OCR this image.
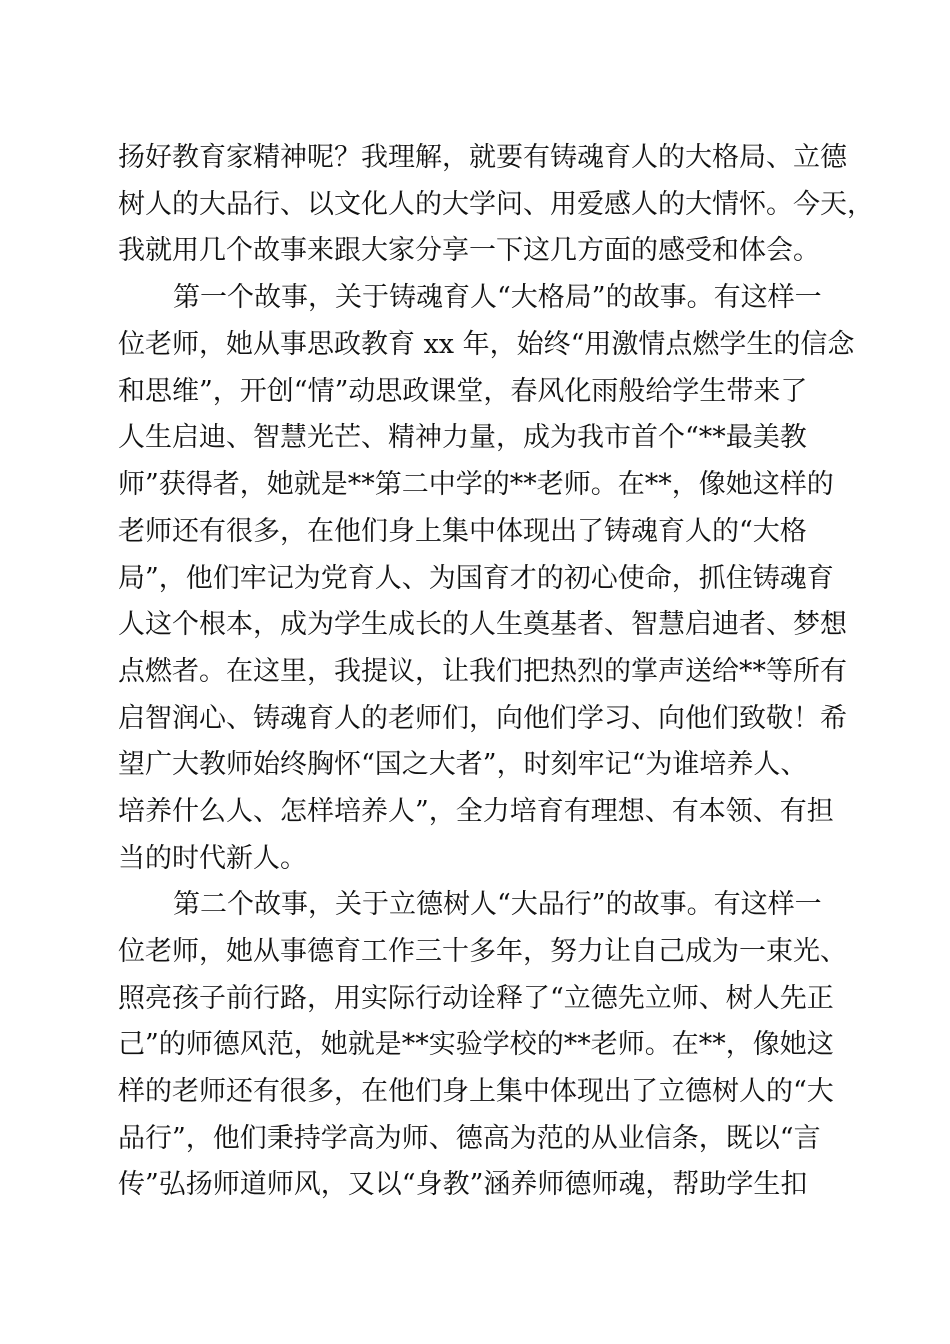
扬好教育家精神呢？我理解，就要有铸魂育人的大格局、立德
树人的大品行、以文化人的大学问、用爱感人的大情怀。今天，
我就用几个故事来跟大家分享一下这几方面的感受和体会。
第一个故事，关于铸魂育人“大格局”的故事。有这样一
位老师，她从事思政教育 xx 年，始终“用激情点燃学生的信念
和思维”，开创“情”动思政课堂，春风化雨般给学生带来了
人生启迪、智慧光芒、精神力量，成为我市首个“**最美教
师”获得者，她就是**第二中学的**老师。在**，像她这样的
老师还有很多，在他们身上集中体现出了铸魂育人的“大格
局”，他们牢记为党育人、为国育才的初心使命，抓住铸魂育
人这个根本，成为学生成长的人生奠基者、智慧启迪者、梦想
点燃者。在这里，我提议，让我们把热烈的掌声送给**等所有
启智润心、铸魂育人的老师们，向他们学习、向他们致敬！希
望广大教师始终胸怀“国之大者”，时刻牢记“为谁培养人、
培养什么人、怎样培养人”，全力培育有理想、有本领、有担
当的时代新人。
第二个故事，关于立德树人“大品行”的故事。有这样一
位老师，她从事德育工作三十多年，努力让自己成为一束光、
照亮孩子前行路，用实际行动诠释了“立德先立师、树人先正
己”的师德风范，她就是**实验学校的**老师。在**，像她这
样的老师还有很多，在他们身上集中体现出了立德树人的“大
品行”，他们秉持学高为师、德高为范的从业信条，既以“言
传”弘扬师道师风，又以“身教”涵养师德师魂，帮助学生扣
